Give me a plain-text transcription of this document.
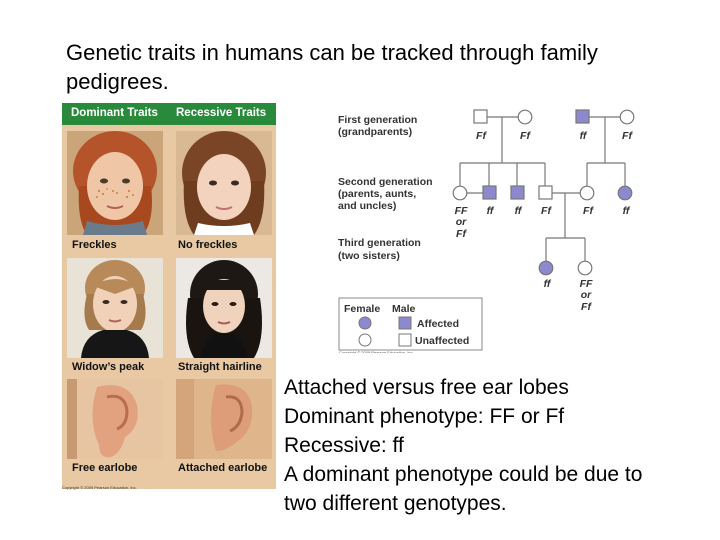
Genetic traits in humans can be tracked through family pedigrees.
Dominant Traits Recessive Traits
Freckles	No freckles
Widow’s peak	Straight hairline
Free earlobe	Attached earlobe
Copyright © 2009 Pearson Education, Inc.
First generation
(grandparents)
Second generation
(parents, aunts,
and uncles)
Third generation
(two sisters)
Ff	Ff	ff	Ff
FF
or
Ff
ff ff Ff	Ff	ff
ff	FF
or
Ff
Female Male
Affected
Unaffected
Copyright © 2009 Pearson Education, Inc.
Attached versus free ear lobes
Dominant phenotype: FF or Ff
Recessive: ff
A dominant phenotype could be due to
two different genotypes.
